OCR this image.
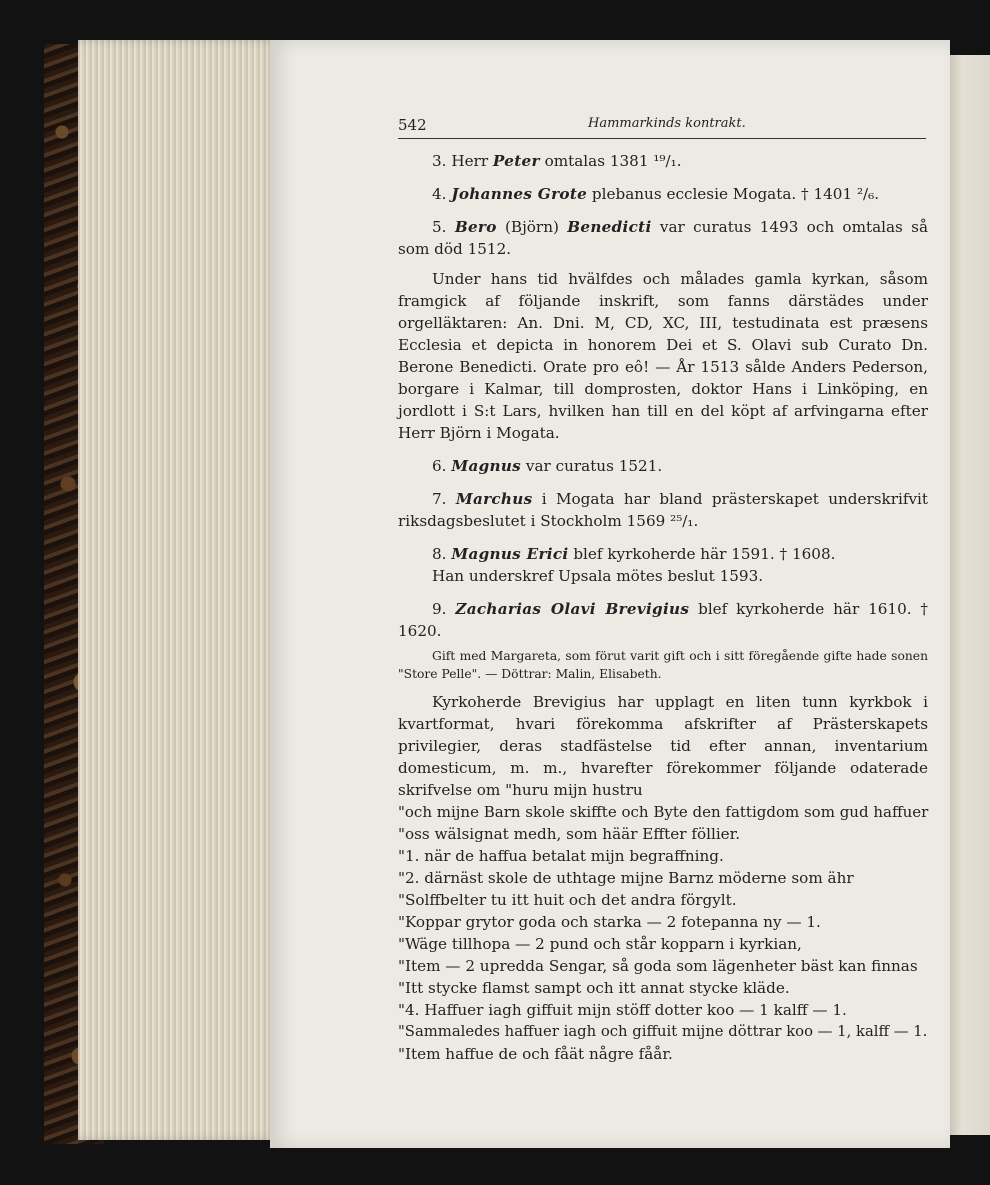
542	Hammarkinds kontrakt.

3. Herr Peter omtalas 1381 ¹⁹/₁.

4. Johannes Grote plebanus ecclesie Mogata. † 1401 ²/₆.

5. Bero (Björn) Benedicti var curatus 1493 och omtalas så som död 1512.

Under hans tid hvälfdes och målades gamla kyrkan, såsom framgick af följande inskrift, som fanns därstädes under orgelläktaren: An. Dni. M, CD, XC, III, testudinata est præsens Ecclesia et depicta in honorem Dei et S. Olavi sub Curato Dn. Berone Benedicti. Orate pro eô! — År 1513 sålde Anders Pederson, borgare i Kalmar, till domprosten, doktor Hans i Linköping, en jordlott i S:t Lars, hvilken han till en del köpt af arfvingarna efter Herr Björn i Mogata.

6. Magnus var curatus 1521.

7. Marchus i Mogata har bland prästerskapet underskrifvit riksdagsbeslutet i Stockholm 1569 ²⁵/₁.

8. Magnus Erici blef kyrkoherde här 1591. † 1608.

Han underskref Upsala mötes beslut 1593.

9. Zacharias Olavi Brevigius blef kyrkoherde här 1610. † 1620.

Gift med Margareta, som förut varit gift och i sitt föregående gifte hade sonen "Store Pelle". — Döttrar: Malin, Elisabeth.

Kyrkoherde Brevigius har upplagt en liten tunn kyrkbok i kvartformat, hvari förekomma afskrifter af Prästerskapets privilegier, deras stadfästelse tid efter annan, inventarium domesticum, m. m., hvarefter förekommer följande odaterade skrifvelse om "huru mijn hustru

"och mijne Barn skole skiffte och Byte den fattigdom som gud haffuer

"oss wälsignat medh, som häär Effter föllier.

"1. när de haffua betalat mijn begraffning.

"2. därnäst skole de uthtage mijne Barnz möderne som ähr

"Solffbelter tu itt huit och det andra förgylt.

"Koppar grytor goda och starka — 2 fotepanna ny — 1.

"Wäge tillhopa — 2 pund och står kopparn i kyrkian,

"Item — 2 upredda Sengar, så goda som lägenheter bäst kan finnas

"Itt stycke flamst sampt och itt annat stycke kläde.

"4. Haffuer iagh giffuit mijn stöff dotter koo — 1 kalff — 1.

"Sammaledes haffuer iagh och giffuit mijne döttrar koo — 1, kalff — 1.

"Item haffue de och fåät någre fåår.
